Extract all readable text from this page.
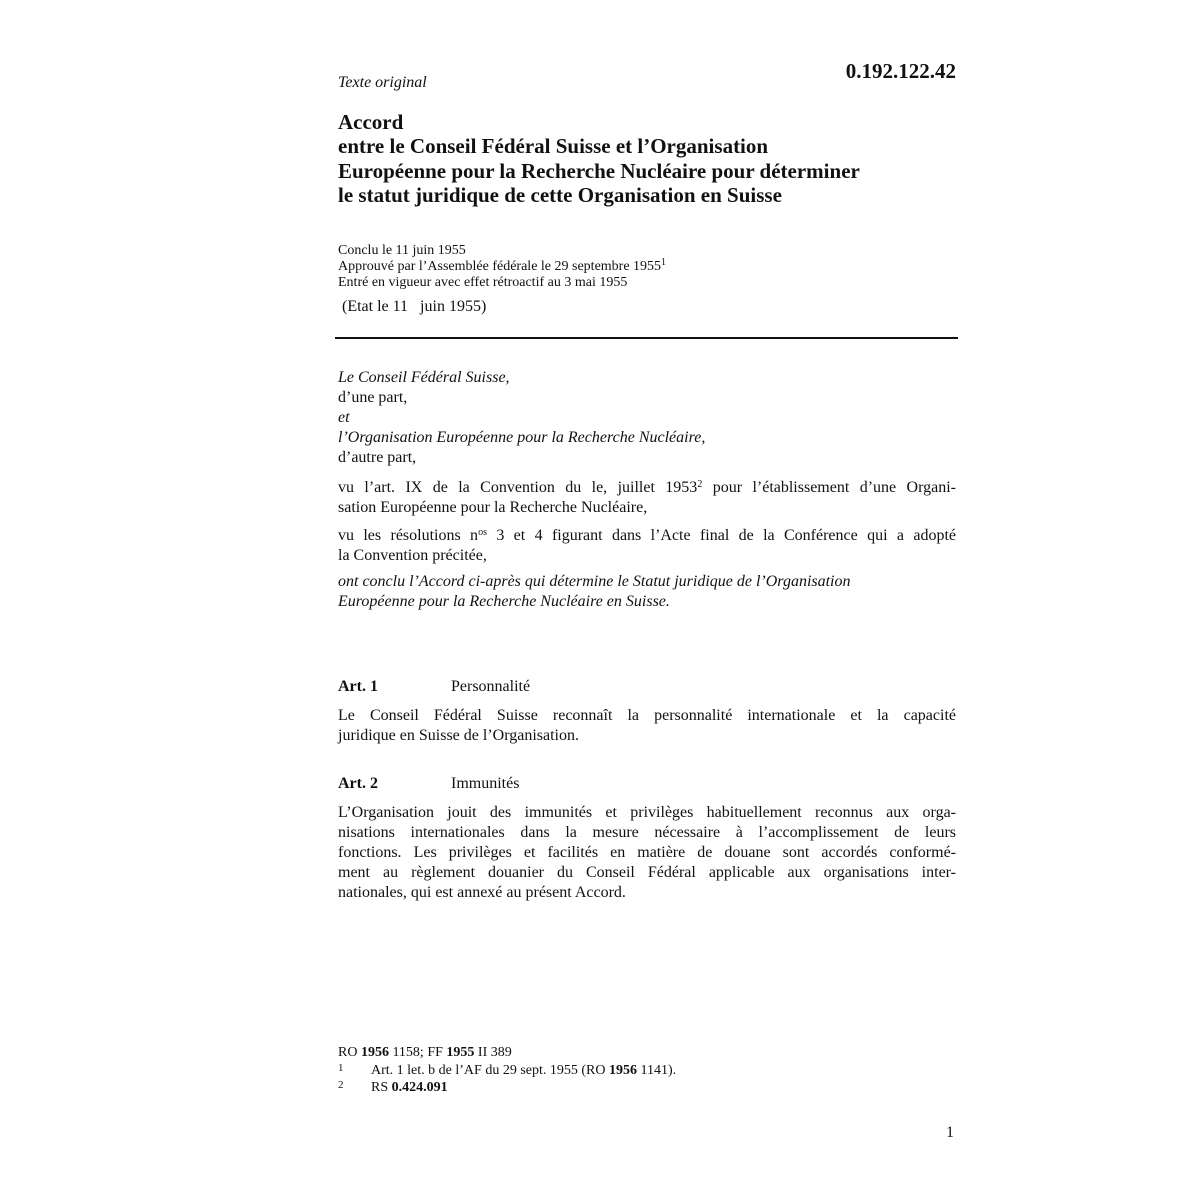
0.192.122.42
Texte original
Accord
entre le Conseil Fédéral Suisse et l’Organisation
Européenne pour la Recherche Nucléaire pour déterminer
le statut juridique de cette Organisation en Suisse
Conclu le 11 juin 1955
Approuvé par l’Assemblée fédérale le 29 septembre 1955$^1$
Entré en vigueur avec effet rétroactif au 3 mai 1955
(Etat le 11   juin 1955)
Le Conseil Fédéral Suisse,
d’une part,
et
l’Organisation Européenne pour la Recherche Nucléaire,
d’autre part,
vu l’art. IX de la Convention du le, juillet 1953$^2$ pour l’établissement d’une Organi-
sation Européenne pour la Recherche Nucléaire,
vu les résolutions $n^{os}$ 3 et 4 figurant dans l’Acte final de la Conférence qui a adopté
la Convention précitée,
ont conclu l’Accord ci-après qui détermine le Statut juridique de l’Organisation
Européenne pour la Recherche Nucléaire en Suisse.
Art. 1	Personnalité
Le Conseil Fédéral Suisse reconnaît la personnalité internationale et la capacité
juridique en Suisse de l’Organisation.
Art. 2	Immunités
L’Organisation jouit des immunités et privilèges habituellement reconnus aux orga-
nisations internationales dans la mesure nécessaire à l’accomplissement de leurs
fonctions. Les privilèges et facilités en matière de douane sont accordés conformé-
ment au règlement douanier du Conseil Fédéral applicable aux organisations inter-
nationales, qui est annexé au présent Accord.
RO 1956 1158; FF 1955 II 389
1 Art. 1 let. b de l’AF du 29 sept. 1955 (RO 1956 1141).
2 RS 0.424.091
1
